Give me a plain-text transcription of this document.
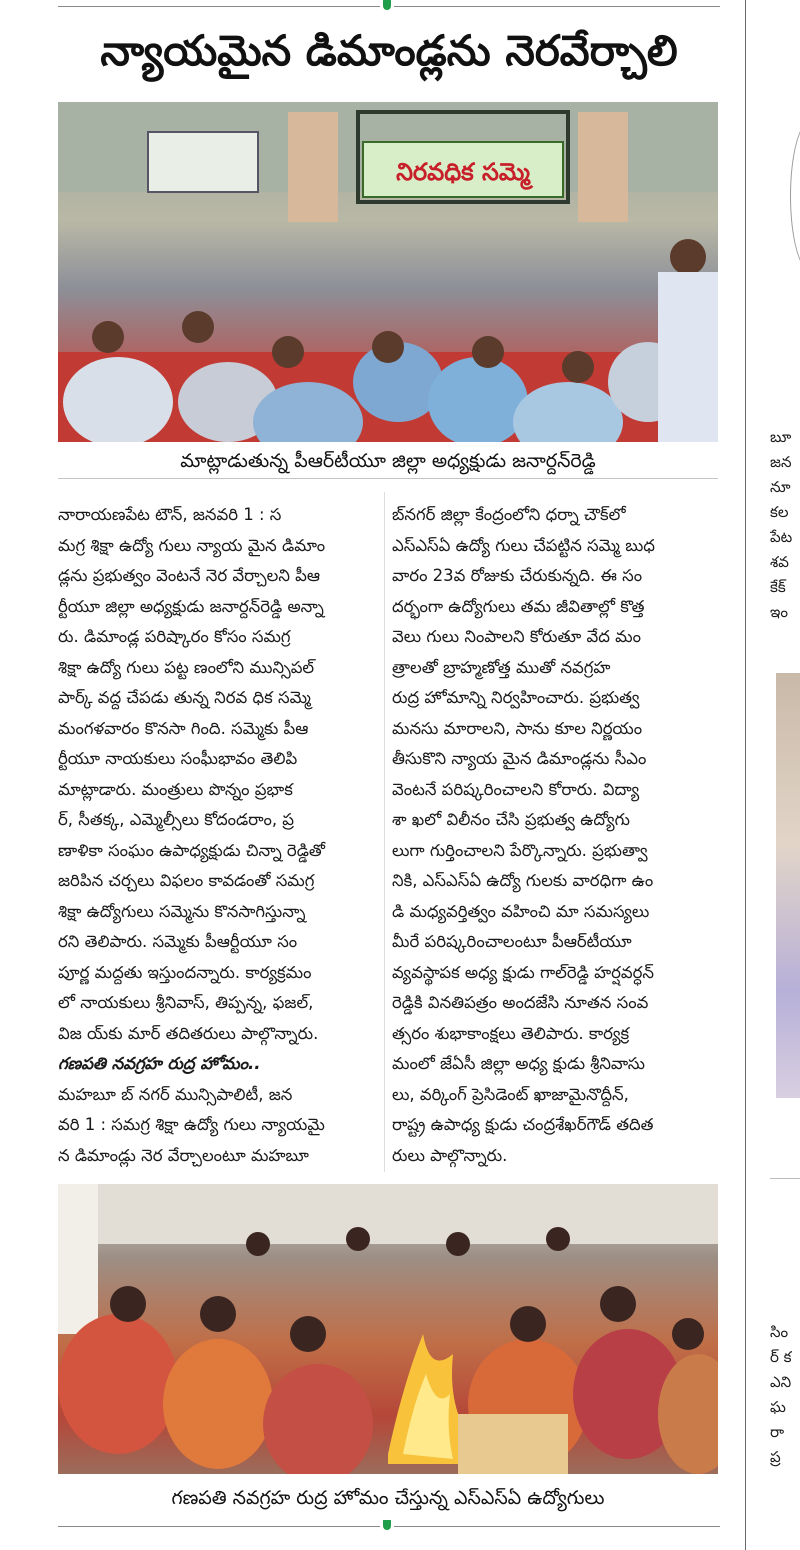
న్యాయమైన డిమాండ్లను నెరవేర్చాలి
నిరవధిక సమ్మె
మాట్లాడుతున్న పీఆర్‌టీయూ జిల్లా అధ్యక్షుడు జనార్దన్‌రెడ్డి
నారాయణపేట టౌన్‌, జనవరి 1 : స
మగ్ర శిక్షా ఉద్యో గులు న్యాయ మైన డిమాం
డ్లను ప్రభుత్వం వెంటనే నెర వేర్చాలని పీఆ
ర్టీయూ జిల్లా అధ్యక్షుడు జనార్దన్‌రెడ్డి అన్నా
రు. డిమాండ్ల పరిష్కారం కోసం సమగ్ర
శిక్షా ఉద్యో గులు పట్ట ణంలోని మున్సిపల్‌
పార్క్‌ వద్ద చేపడు తున్న నిరవ ధిక సమ్మె
మంగళవారం కొనసా గింది. సమ్మెకు పీఆ
ర్టీయూ నాయకులు సంఘీభావం తెలిపి
మాట్లాడారు. మంత్రులు పొన్నం ప్రభాక
ర్‌, సీతక్క, ఎమ్మెల్సీలు కోదండరాం, ప్ర
ణాళికా సంఘం ఉపాధ్యక్షుడు చిన్నా రెడ్డితో
జరిపిన చర్చలు విఫలం కావడంతో సమగ్ర
శిక్షా ఉద్యోగులు సమ్మెను కొనసాగిస్తున్నా
రని తెలిపారు. సమ్మెకు పీఆర్టీయూ సం
పూర్ణ మద్దతు ఇస్తుందన్నారు. కార్యక్రమం
లో నాయకులు శ్రీనివాస్‌, తిప్పన్న, ఫజల్‌,
విజ య్‌కు మార్‌ తదితరులు పాల్గొన్నారు.
గణపతి నవగ్రహ రుద్ర హోమం..
మహబూ బ్‌ నగర్‌ మున్సిపాలిటీ, జన
వరి 1 : సమగ్ర శిక్షా ఉద్యో గులు న్యాయమై
న డిమాండ్లు నెర వేర్చాలంటూ మహబూ
బ్‌నగర్‌ జిల్లా కేంద్రంలోని ధర్నా చౌక్‌లో
ఎస్‌ఎస్‌ఏ ఉద్యో గులు చేపట్టిన సమ్మె బుధ
వారం 23వ రోజుకు చేరుకున్నది. ఈ సం
దర్భంగా ఉద్యోగులు తమ జీవితాల్లో కొత్త
వెలు గులు నింపాలని కోరుతూ వేద మం
త్రాలతో బ్రాహ్మణోత్త ముతో నవగ్రహ
రుద్ర హోమాన్ని నిర్వహించారు. ప్రభుత్వ
మనసు మారాలని, సాను కూల నిర్ణయం
తీసుకొని న్యాయ మైన డిమాండ్లను సీఎం
వెంటనే పరిష్కరించాలని కోరారు. విద్యా
శా ఖలో విలీనం చేసి ప్రభుత్వ ఉద్యోగు
లుగా గుర్తించాలని పేర్కొన్నారు. ప్రభుత్వా
నికి, ఎస్‌ఎస్‌ఏ ఉద్యో గులకు వారధిగా ఉం
డి మధ్యవర్తిత్వం వహించి మా సమస్యలు
మీరే పరిష్కరించాలంటూ పీఆర్‌టీయూ
వ్యవస్థాపక అధ్య క్షుడు గాల్‌రెడ్డి హర్షవర్ధన్‌
రెడ్డికి వినతిపత్రం అందజేసి నూతన సంవ
త్సరం శుభాకాంక్షలు తెలిపారు. కార్యక్ర
మంలో జేఏసీ జిల్లా అధ్య క్షుడు శ్రీనివాసు
లు, వర్కింగ్‌ ప్రెసిడెంట్‌ ఖాజామైనొద్దీన్‌,
రాష్ట్ర ఉపాధ్య క్షుడు చంద్రశేఖర్‌గౌడ్‌ తదిత
రులు పాల్గొన్నారు.
గణపతి నవగ్రహ రుద్ర హోమం చేస్తున్న ఎస్‌ఎస్‌ఏ ఉద్యోగులు
బూ
జన
నూ
కల
పేట
శవ
కేక్
ఇం
సిం
ర్ క
ఎని
ఘ
రా
ప్ర
